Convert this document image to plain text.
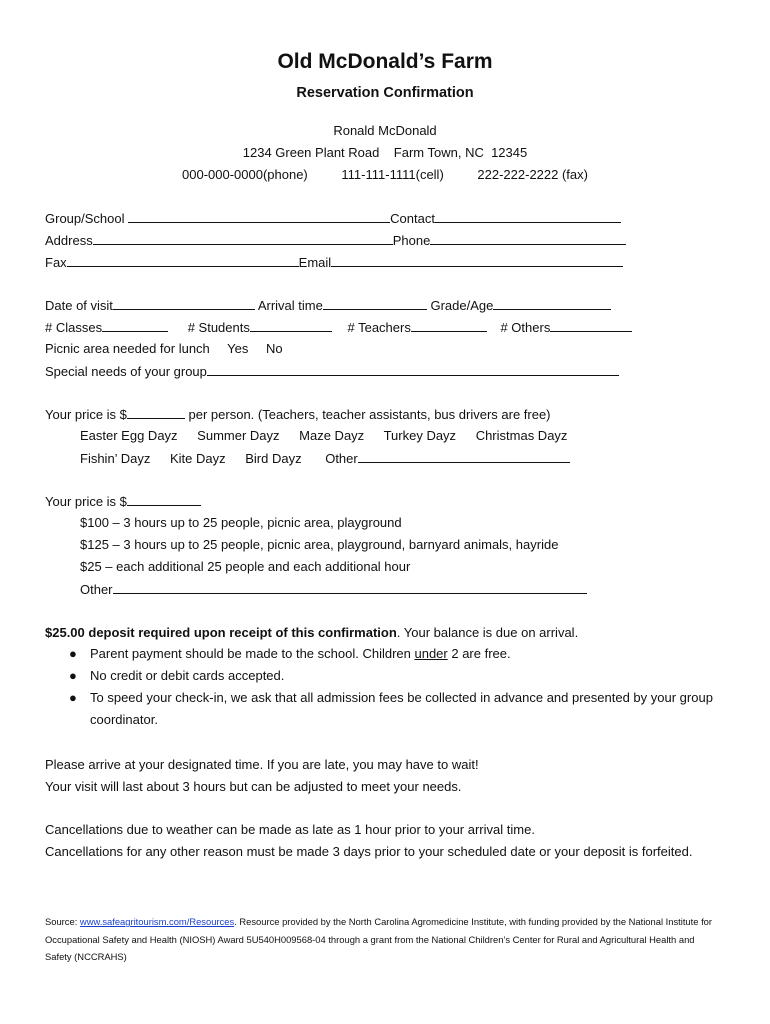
Old McDonald’s Farm
Reservation Confirmation
Ronald McDonald
1234 Green Plant Road    Farm Town, NC  12345
000-000-0000(phone)	111-111-1111(cell)	222-222-2222 (fax)
Group/School	Contact
Address	Phone
Fax	Email
Date of visit	Arrival time	Grade/Age
# Classes	# Students	# Teachers	# Others
Picnic area needed for lunch Yes No
Special needs of your group
Your price is $	per person. (Teachers, teacher assistants, bus drivers are free)
Easter Egg Dayz Summer Dayz Maze Dayz Turkey Dayz Christmas Dayz
Fishin’ Dayz Kite Dayz Bird Dayz Other
Your price is $
$100 – 3 hours up to 25 people, picnic area, playground
$125 – 3 hours up to 25 people, picnic area, playground, barnyard animals, hayride
$25 – each additional 25 people and each additional hour
Other
$25.00 deposit required upon receipt of this confirmation. Your balance is due on arrival.
● Parent payment should be made to the school. Children under 2 are free.
● No credit or debit cards accepted.
● To speed your check-in, we ask that all admission fees be collected in advance and presented by your group coordinator.
Please arrive at your designated time. If you are late, you may have to wait!
Your visit will last about 3 hours but can be adjusted to meet your needs.
Cancellations due to weather can be made as late as 1 hour prior to your arrival time.
Cancellations for any other reason must be made 3 days prior to your scheduled date or your deposit is forfeited.
Source: www.safeagritourism.com/Resources. Resource provided by the North Carolina Agromedicine Institute, with funding provided by the National Institute for Occupational Safety and Health (NIOSH) Award 5U540H009568-04 through a grant from the National Children’s Center for Rural and Agricultural Health and Safety (NCCRAHS)
